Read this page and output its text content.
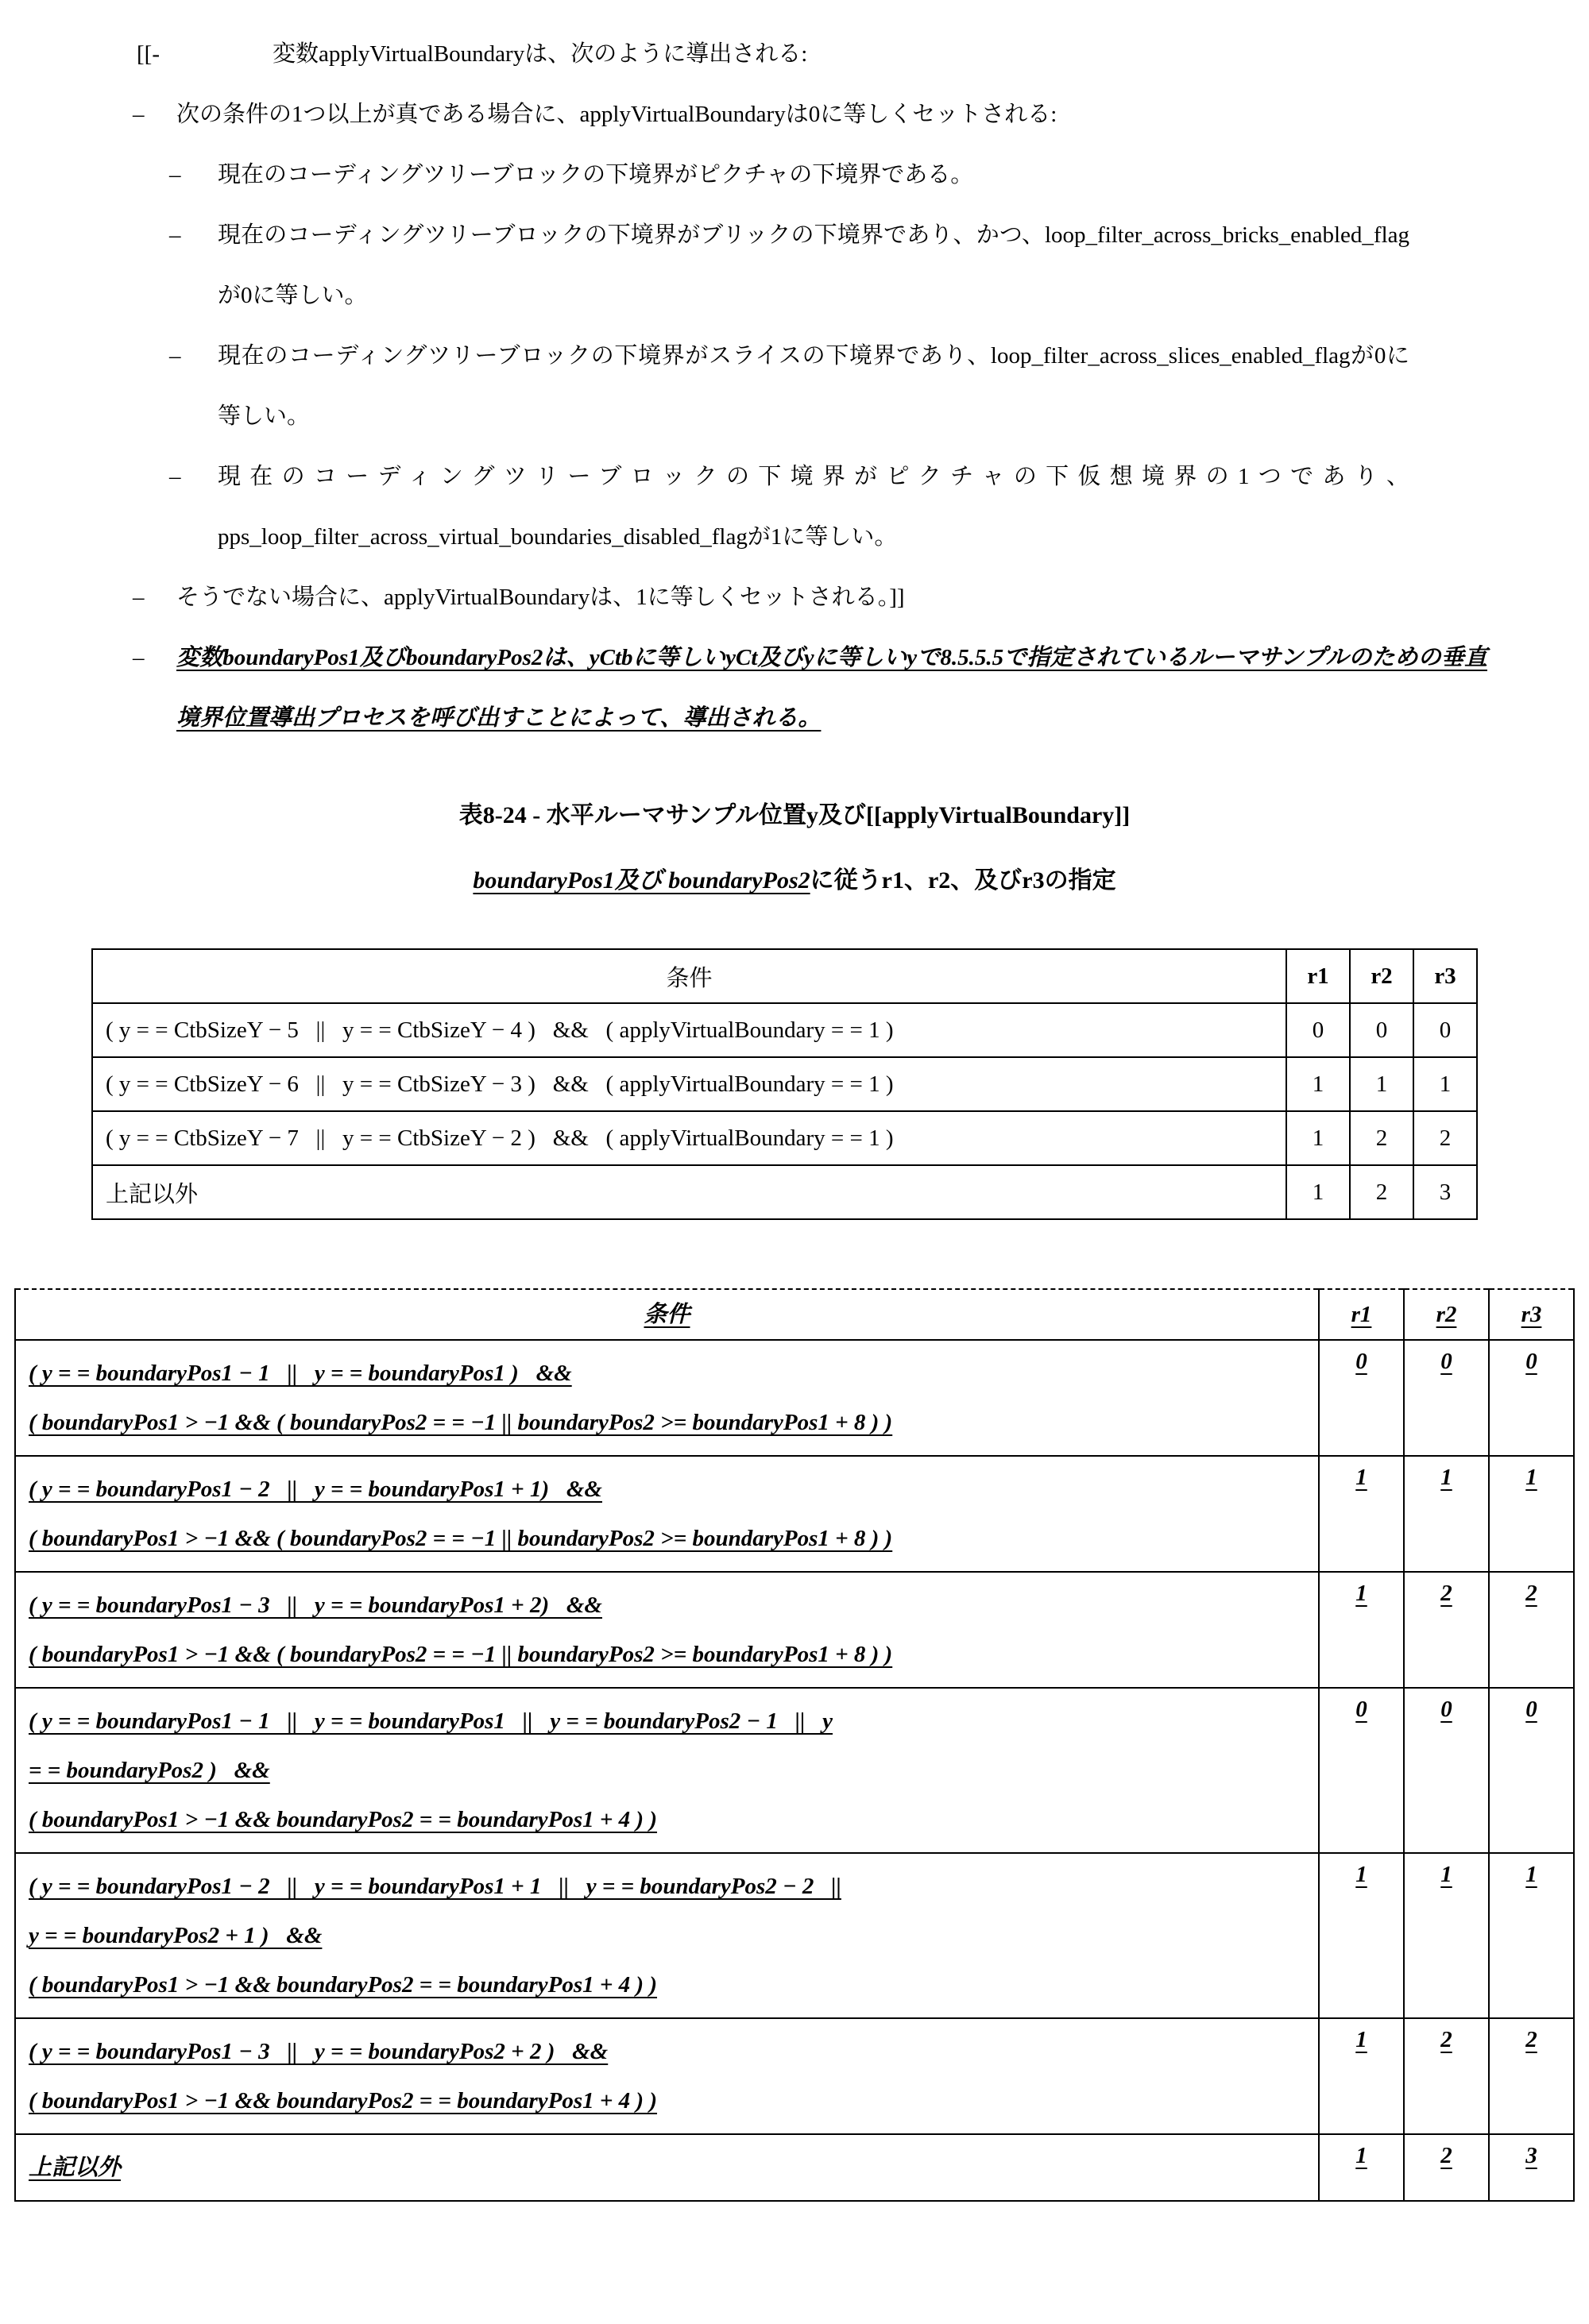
[[-	変数applyVirtualBoundaryは、次のように導出される:
– 次の条件の1つ以上が真である場合に、applyVirtualBoundaryは0に等しくセットされる:
– 現在のコーディングツリーブロックの下境界がピクチャの下境界である。
– 現在のコーディングツリーブロックの下境界がブリックの下境界であり、かつ、loop_filter_across_bricks_enabled_flagが0に等しい。
– 現在のコーディングツリーブロックの下境界がスライスの下境界であり、loop_filter_across_slices_enabled_flagが0に等しい。
– 現在のコーディングツリーブロックの下境界がピクチャの下仮想境界の1つであり、pps_loop_filter_across_virtual_boundaries_disabled_flagが1に等しい。
– そうでない場合に、applyVirtualBoundaryは、1に等しくセットされる。]]
– 変数boundaryPos1及びboundaryPos2は、yCtbに等しいyCt及びyに等しいyで8.5.5.5で指定されているルーマサンプルのための垂直境界位置導出プロセスを呼び出すことによって、導出される。
表8-24 - 水平ルーマサンプル位置y及び[[applyVirtualBoundary]]
boundaryPos1及び boundaryPos2に従うr1、r2、及びr3の指定
条件	r1	r2	r3
( y = = CtbSizeY − 5   ||   y = = CtbSizeY − 4 )   &&   ( applyVirtualBoundary = = 1 )	0	0	0
( y = = CtbSizeY − 6   ||   y = = CtbSizeY − 3 )   &&   ( applyVirtualBoundary = = 1 )	1	1	1
( y = = CtbSizeY − 7   ||   y = = CtbSizeY − 2 )   &&   ( applyVirtualBoundary = = 1 )	1	2	2
上記以外	1	2	3
条件	r1	r2	r3

( y = = boundaryPos1 − 1   ||   y = = boundaryPos1 )   &&
( boundaryPos1 > −1 && ( boundaryPos2 = = −1 || boundaryPos2 >= boundaryPos1 + 8 ) )	0	0	0

( y = = boundaryPos1 − 2   ||   y = = boundaryPos1 + 1)   &&
( boundaryPos1 > −1 && ( boundaryPos2 = = −1 || boundaryPos2 >= boundaryPos1 + 8 ) )	1	1	1

( y = = boundaryPos1 − 3   ||   y = = boundaryPos1 + 2)   &&
( boundaryPos1 > −1 && ( boundaryPos2 = = −1 || boundaryPos2 >= boundaryPos1 + 8 ) )	1	2	2

( y = = boundaryPos1 − 1   ||   y = = boundaryPos1   ||   y = = boundaryPos2 − 1   ||   y
= = boundaryPos2 )   &&
( boundaryPos1 > −1 && boundaryPos2 = = boundaryPos1 + 4 ) )	0	0	0

( y = = boundaryPos1 − 2   ||   y = = boundaryPos1 + 1   ||   y = = boundaryPos2 − 2   ||
y = = boundaryPos2 + 1 )   &&
( boundaryPos1 > −1 && boundaryPos2 = = boundaryPos1 + 4 ) )	1	1	1

( y = = boundaryPos1 − 3   ||   y = = boundaryPos2 + 2 )   &&
( boundaryPos1 > −1 && boundaryPos2 = = boundaryPos1 + 4 ) )	1	2	2

上記以外	1	2	3
